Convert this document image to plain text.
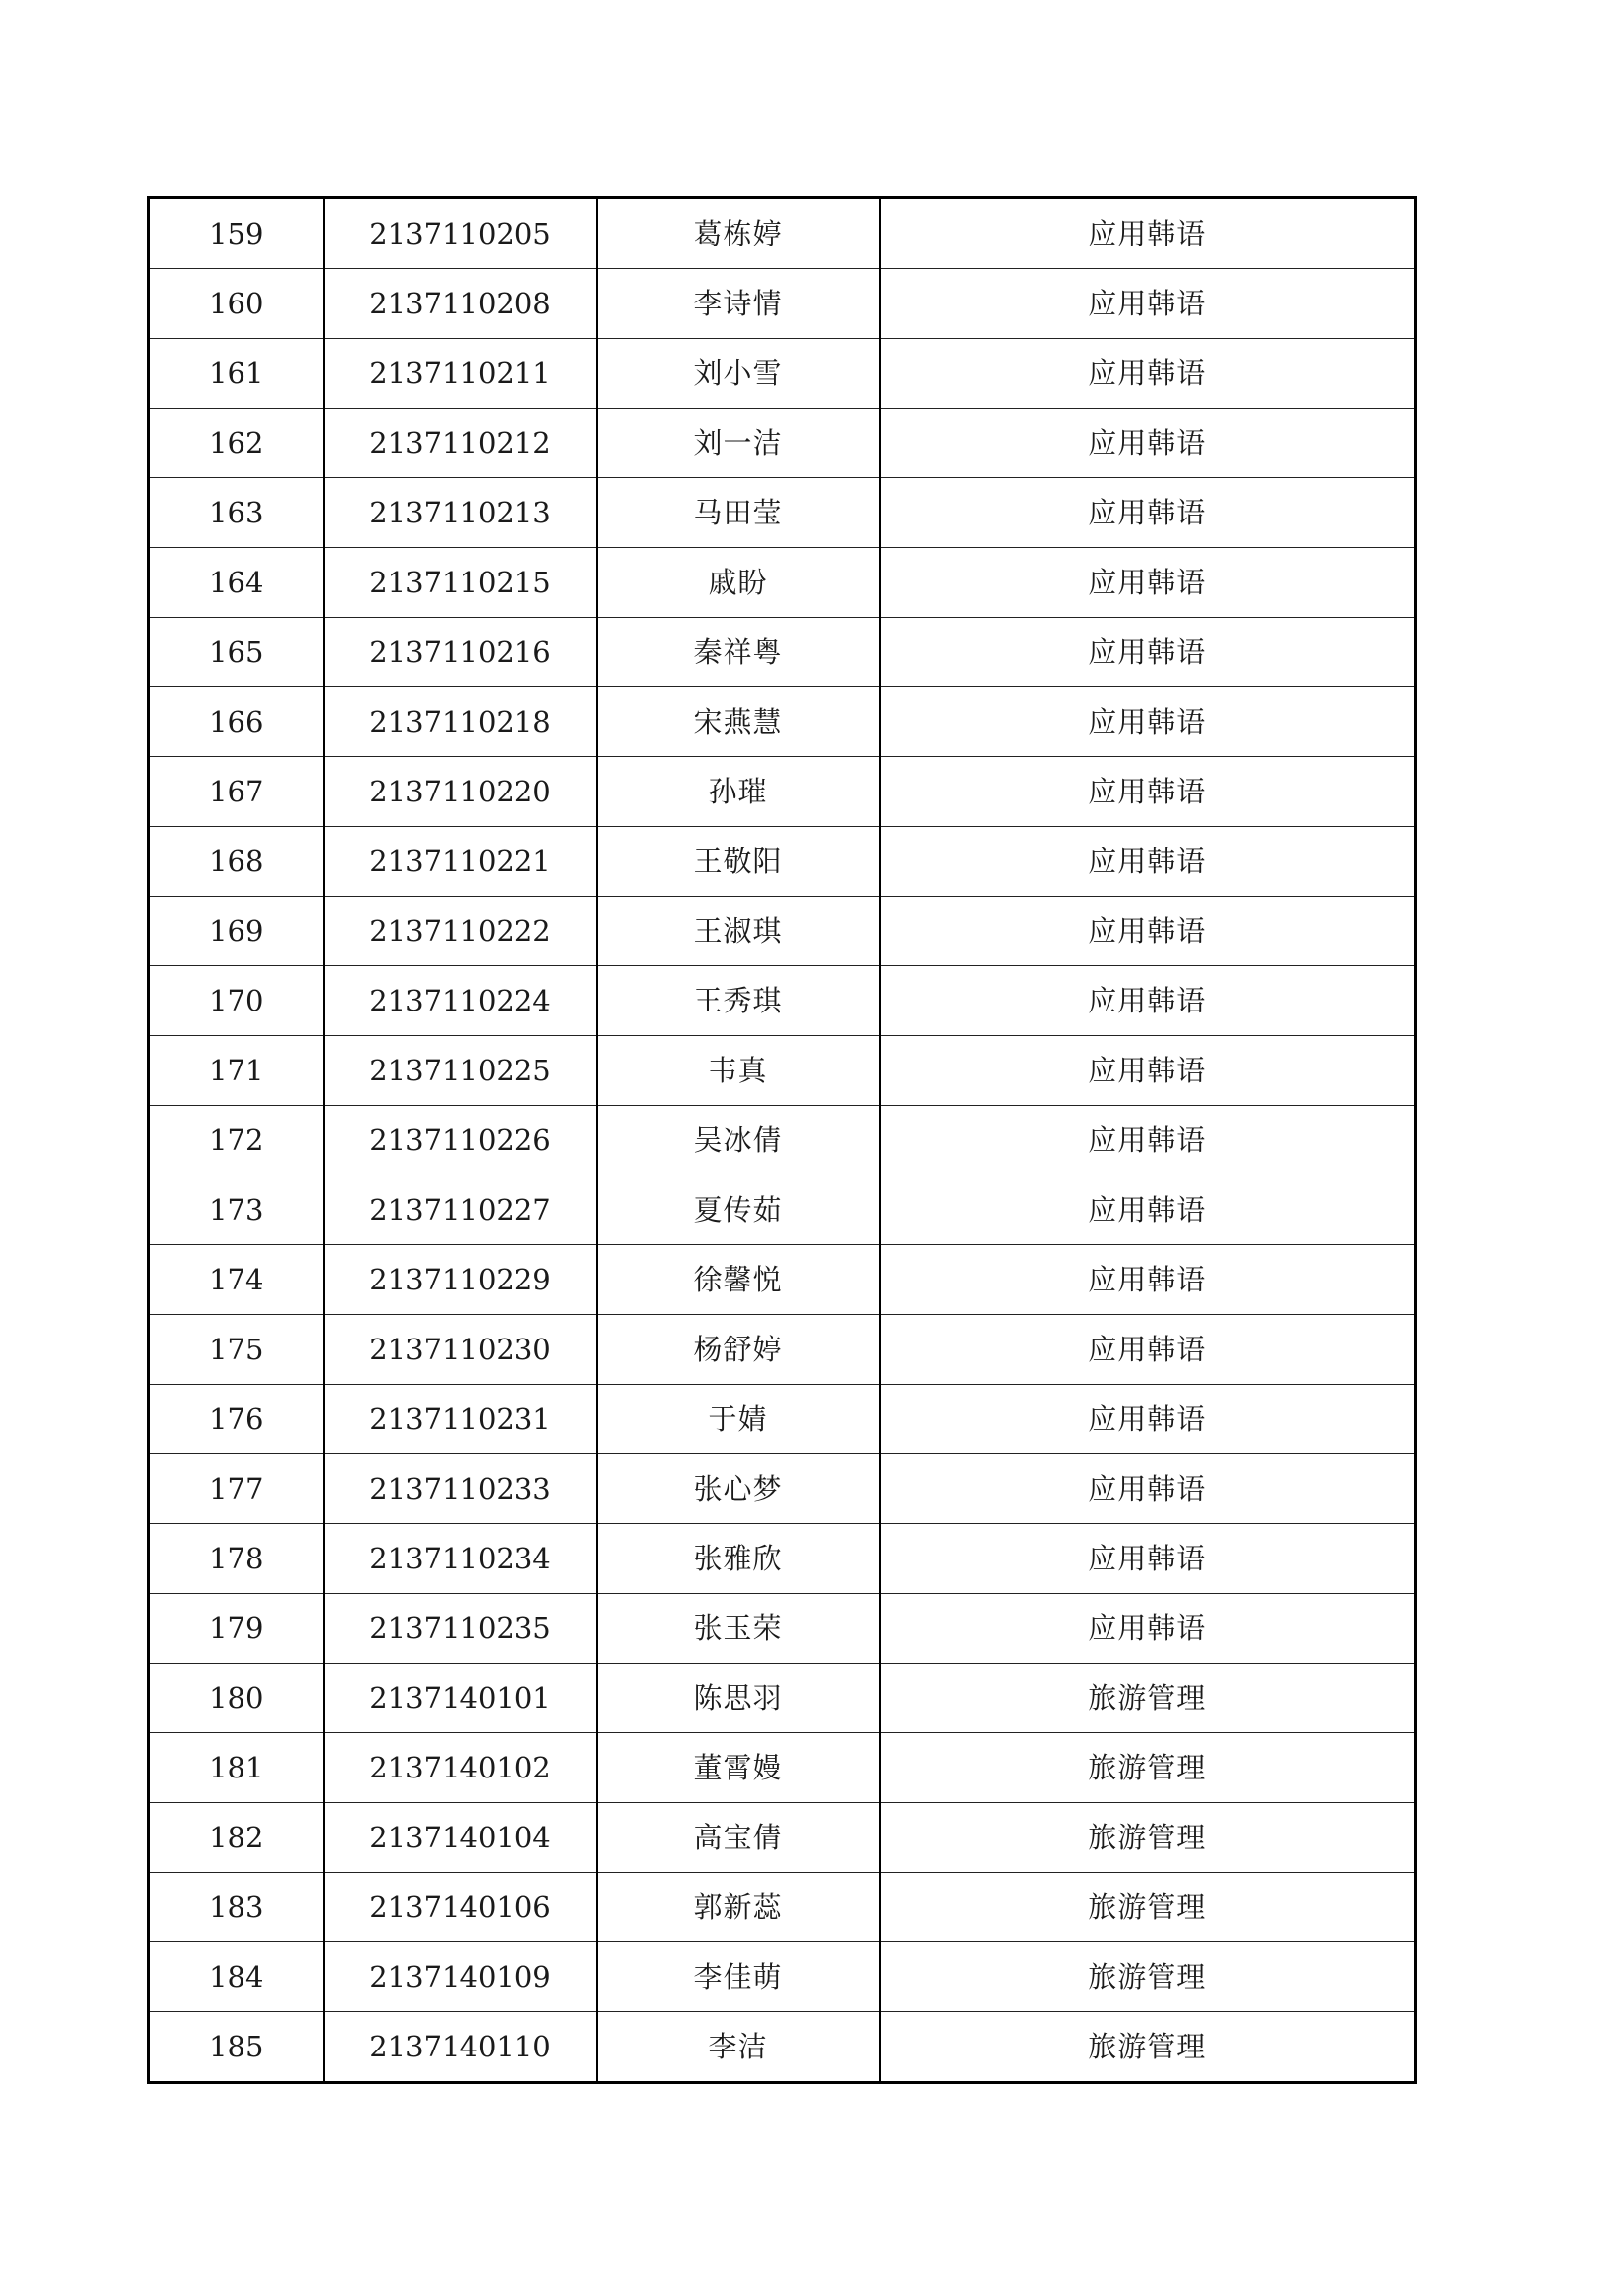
159	2137110205	葛栋婷	应用韩语
160	2137110208	李诗情	应用韩语
161	2137110211	刘小雪	应用韩语
162	2137110212	刘一洁	应用韩语
163	2137110213	马田莹	应用韩语
164	2137110215	戚盼	应用韩语
165	2137110216	秦祥粤	应用韩语
166	2137110218	宋燕慧	应用韩语
167	2137110220	孙璀	应用韩语
168	2137110221	王敬阳	应用韩语
169	2137110222	王淑琪	应用韩语
170	2137110224	王秀琪	应用韩语
171	2137110225	韦真	应用韩语
172	2137110226	吴冰倩	应用韩语
173	2137110227	夏传茹	应用韩语
174	2137110229	徐馨悦	应用韩语
175	2137110230	杨舒婷	应用韩语
176	2137110231	于婧	应用韩语
177	2137110233	张心梦	应用韩语
178	2137110234	张雅欣	应用韩语
179	2137110235	张玉荣	应用韩语
180	2137140101	陈思羽	旅游管理
181	2137140102	董霄嫚	旅游管理
182	2137140104	高宝倩	旅游管理
183	2137140106	郭新蕊	旅游管理
184	2137140109	李佳萌	旅游管理
185	2137140110	李洁	旅游管理
